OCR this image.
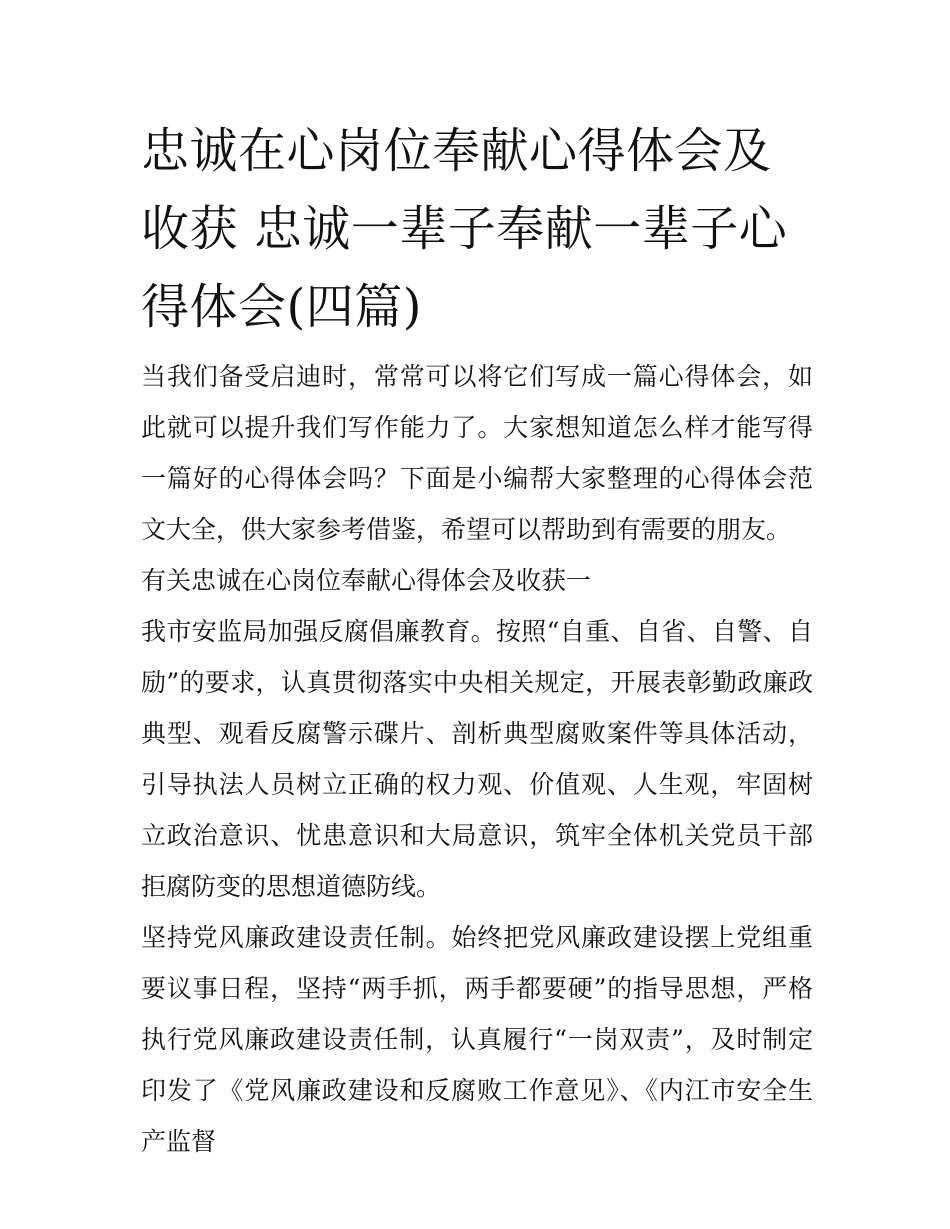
忠诚在心岗位奉献心得体会及收获 忠诚一辈子奉献一辈子心得体会(四篇)

当我们备受启迪时，常常可以将它们写成一篇心得体会，如此就可以提升我们写作能力了。大家想知道怎么样才能写得一篇好的心得体会吗？下面是小编帮大家整理的心得体会范文大全，供大家参考借鉴，希望可以帮助到有需要的朋友。

有关忠诚在心岗位奉献心得体会及收获一

我市安监局加强反腐倡廉教育。按照“自重、自省、自警、自励”的要求，认真贯彻落实中央相关规定，开展表彰勤政廉政典型、观看反腐警示碟片、剖析典型腐败案件等具体活动，引导执法人员树立正确的权力观、价值观、人生观，牢固树立政治意识、忧患意识和大局意识，筑牢全体机关党员干部拒腐防变的思想道德防线。

坚持党风廉政建设责任制。始终把党风廉政建设摆上党组重要议事日程，坚持“两手抓，两手都要硬”的指导思想，严格执行党风廉政建设责任制，认真履行“一岗双责”，及时制定印发了《党风廉政建设和反腐败工作意见》、《内江市安全生产监督
